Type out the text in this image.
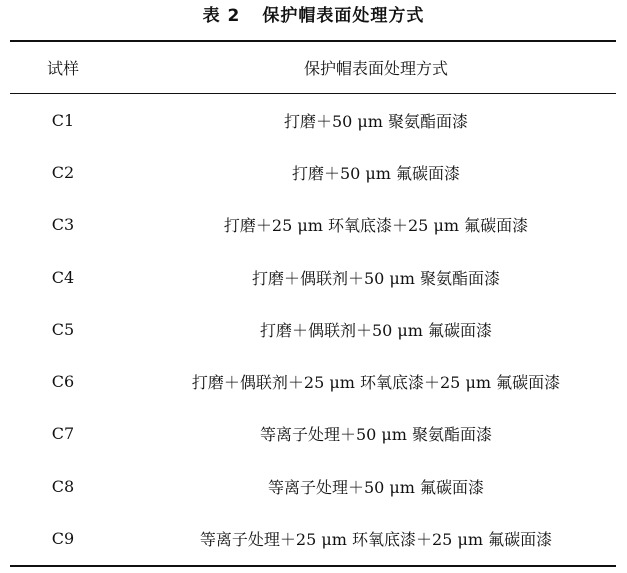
表 2 保护帽表面处理方式
试样	保护帽表面处理方式
C1	打磨＋50 μm 聚氨酯面漆
C2	打磨＋50 μm 氟碳面漆
C3	打磨＋25 μm 环氧底漆＋25 μm 氟碳面漆
C4	打磨＋偶联剂＋50 μm 聚氨酯面漆
C5	打磨＋偶联剂＋50 μm 氟碳面漆
C6	打磨＋偶联剂＋25 μm 环氧底漆＋25 μm 氟碳面漆
C7	等离子处理＋50 μm 聚氨酯面漆
C8	等离子处理＋50 μm 氟碳面漆
C9	等离子处理＋25 μm 环氧底漆＋25 μm 氟碳面漆
